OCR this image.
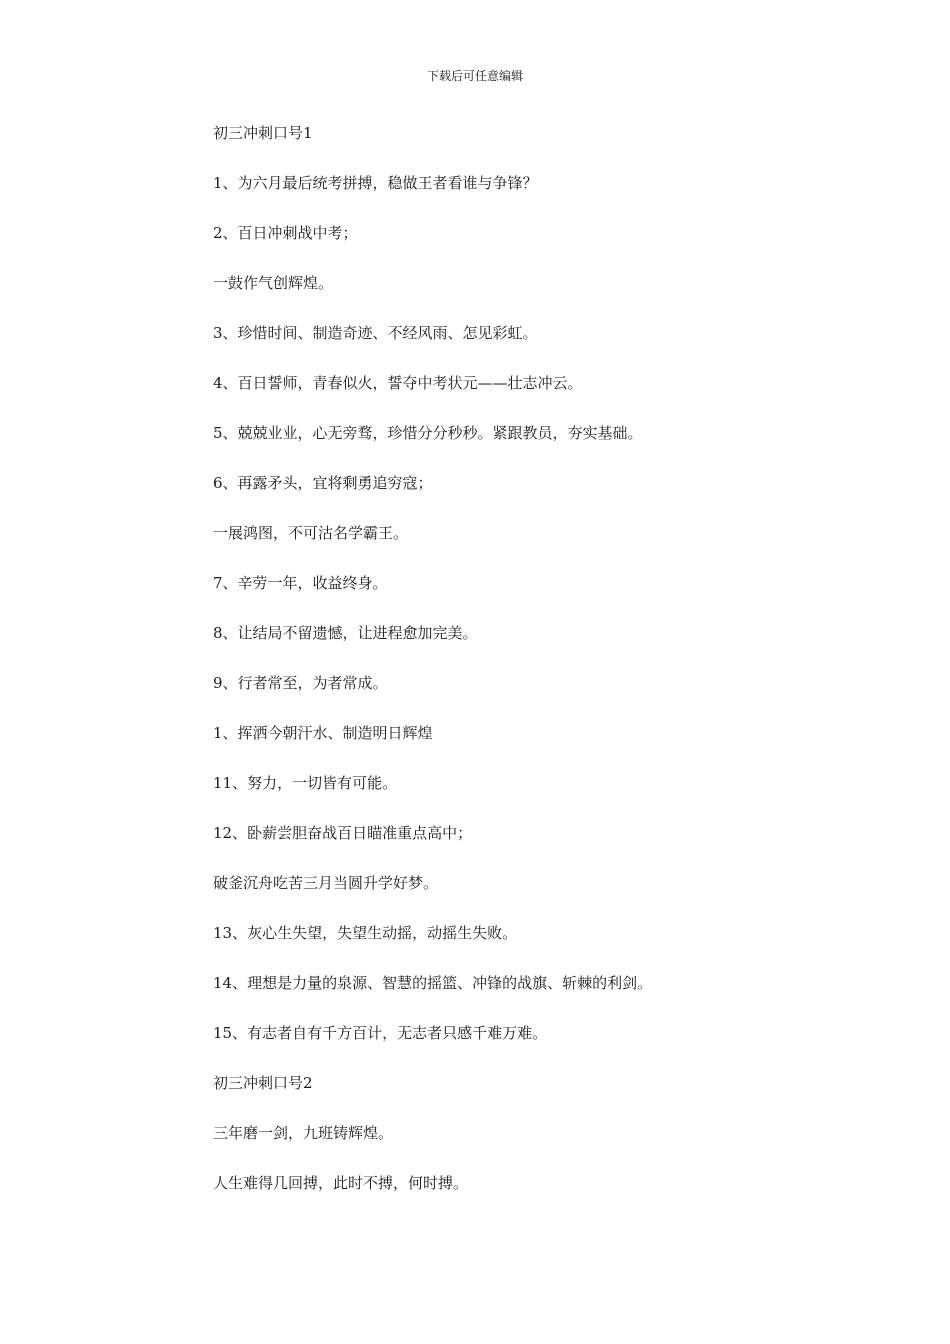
下载后可任意编辑
初三冲刺口号1
1、为六月最后统考拼搏，稳做王者看谁与争锋？
2、百日冲刺战中考；
一鼓作气创辉煌。
3、珍惜时间、制造奇迹、不经风雨、怎见彩虹。
4、百日誓师，青春似火，誓夺中考状元——壮志冲云。
5、兢兢业业，心无旁骛，珍惜分分秒秒。紧跟教员，夯实基础。
6、再露矛头，宜将剩勇追穷寇；
一展鸿图，不可沽名学霸王。
7、辛劳一年，收益终身。
8、让结局不留遗憾，让进程愈加完美。
9、行者常至，为者常成。
1、挥洒今朝汗水、制造明日辉煌
11、努力，一切皆有可能。
12、卧薪尝胆奋战百日瞄准重点高中；
破釜沉舟吃苦三月当圆升学好梦。
13、灰心生失望，失望生动摇，动摇生失败。
14、理想是力量的泉源、智慧的摇篮、冲锋的战旗、斩棘的利剑。
15、有志者自有千方百计，无志者只感千难万难。
初三冲刺口号2
三年磨一剑，九班铸辉煌。
人生难得几回搏，此时不搏，何时搏。
